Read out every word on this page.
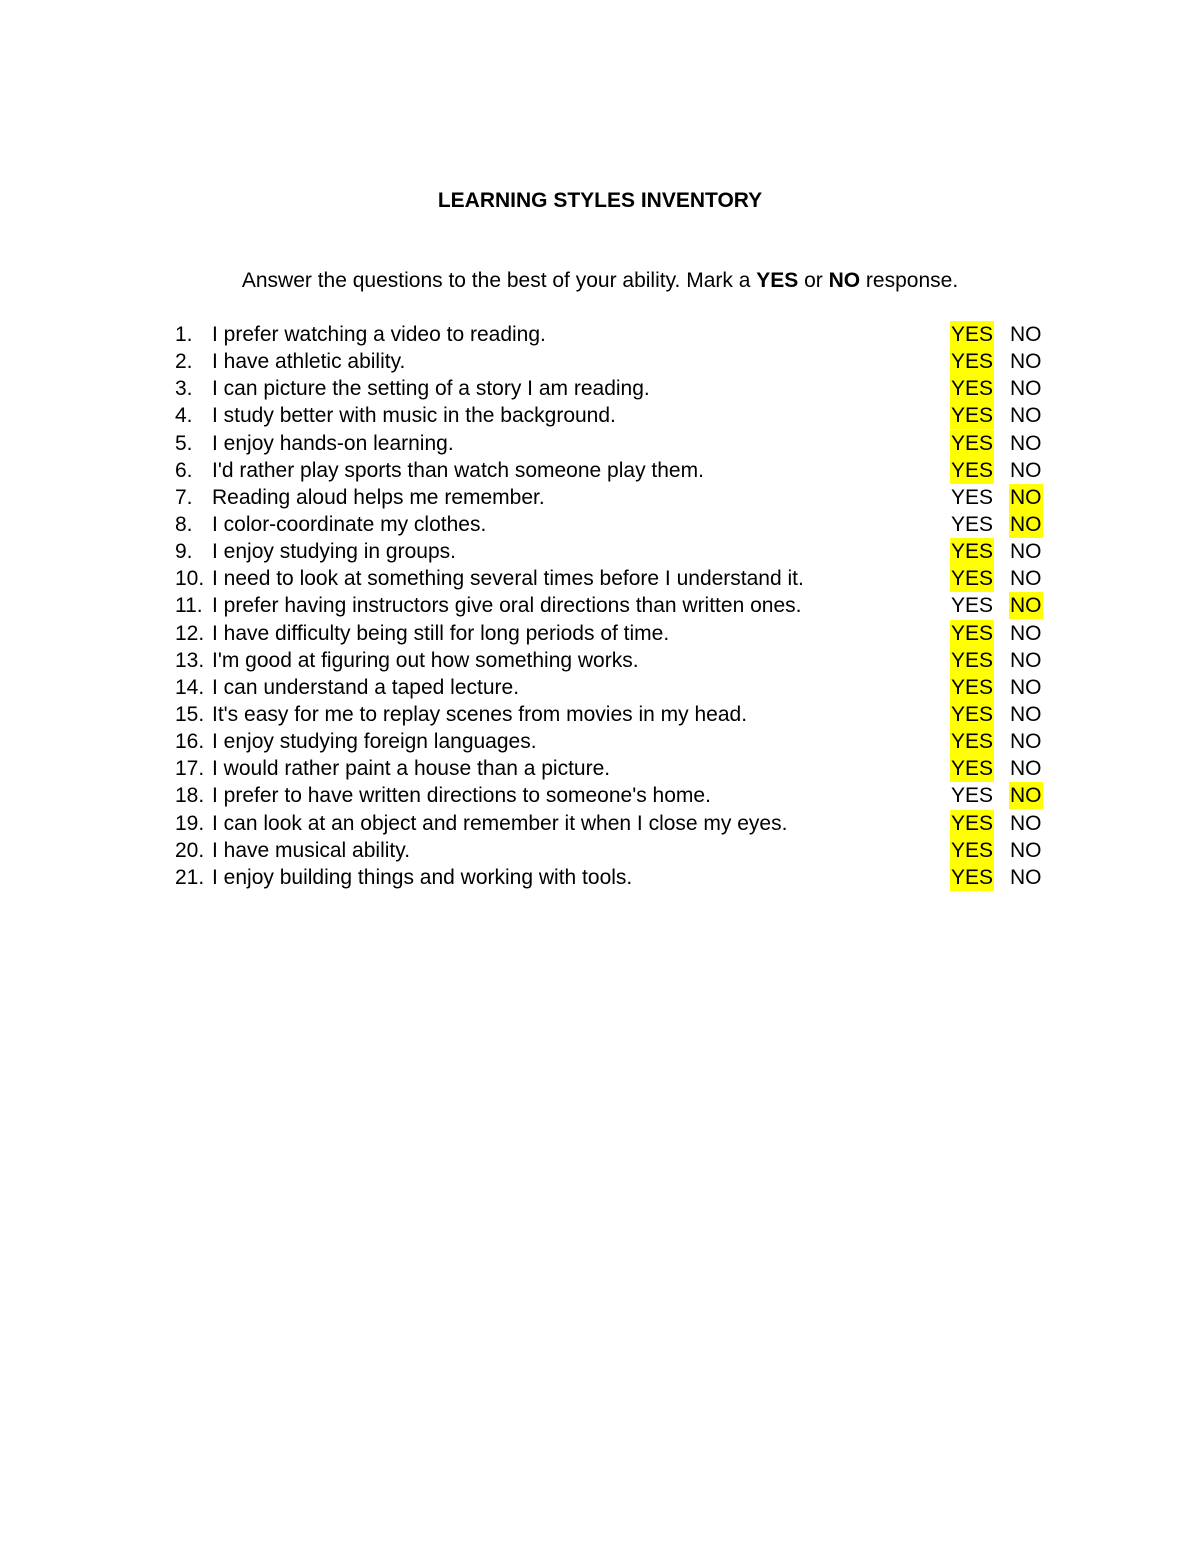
LEARNING STYLES INVENTORY

Answer the questions to the best of your ability. Mark a YES or NO response.

1. I prefer watching a video to reading.	YES NO
2. I have athletic ability.	YES NO
3. I can picture the setting of a story I am reading.	YES NO
4. I study better with music in the background.	YES NO
5. I enjoy hands-on learning.	YES NO
6. I'd rather play sports than watch someone play them.	YES NO
7. Reading aloud helps me remember.	YES NO
8. I color-coordinate my clothes.	YES NO
9. I enjoy studying in groups.	YES NO
10. I need to look at something several times before I understand it.	YES NO
11. I prefer having instructors give oral directions than written ones.	YES NO
12. I have difficulty being still for long periods of time.	YES NO
13. I'm good at figuring out how something works.	YES NO
14. I can understand a taped lecture.	YES NO
15. It's easy for me to replay scenes from movies in my head.	YES NO
16. I enjoy studying foreign languages.	YES NO
17. I would rather paint a house than a picture.	YES NO
18. I prefer to have written directions to someone's home.	YES NO
19. I can look at an object and remember it when I close my eyes.	YES NO
20. I have musical ability.	YES NO
21. I enjoy building things and working with tools.	YES NO
